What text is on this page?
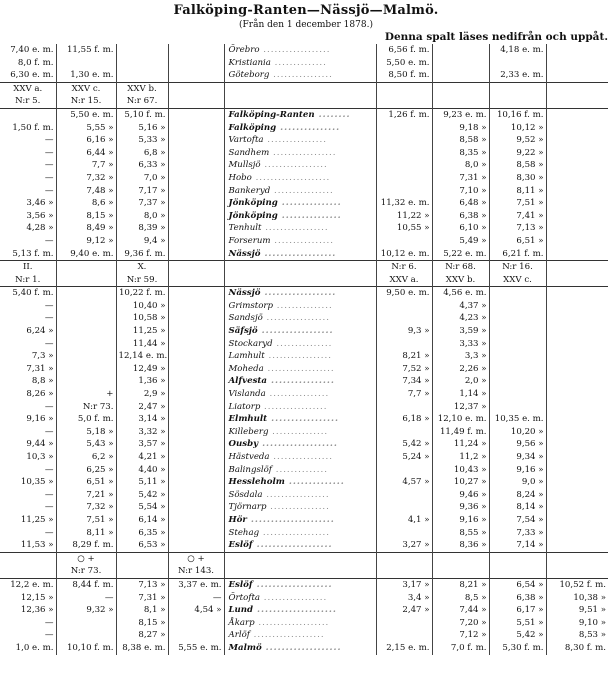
Falköping-Ranten—Nässjö—Malmö.
(Från den 1 december 1878.)
Denna spalt läses nedifrån och uppåt.
7,40 e. m.	11,55 f. m.			Örebro ..................	6,56 f. m.		4,18 e. m.	
8,0 f. m.				Kristiania ..............	5,50 e. m.			
6,30 e. m.	1,30 e. m.			Göteborg ................	8,50 f. m.		2,33 e. m.	
XXV a.	XXV c.	XXV b.						
N:r 5.	N:r 15.	N:r 67.						
	5,50 e. m.	5,10 f. m.		Falköping-Ranten ........	1,26 f. m.	9,23 e. m.	10,16 f. m.	
1,50 f. m.	5,55 »	5,16 »		Falköping ...............		9,18 »	10,12 »	
—	6,16 »	5,33 »		Vartofta ................		8,58 »	9,52 »	
—	6,44 »	6,8 »		Sandhem .................		8,35 »	9,22 »	
—	7,7 »	6,33 »		Mullsjö .................		8,0 »	8,58 »	
—	7,32 »	7,0 »		Hobo ....................		7,31 »	8,30 »	
—	7,48 »	7,17 »		Bankeryd ................		7,10 »	8,11 »	
3,46 »	8,6 »	7,37 »		Jönköping ...............	11,32 e. m.	6,48 »	7,51 »	
3,56 »	8,15 »	8,0 »		Jönköping ...............	11,22 »	6,38 »	7,41 »	
4,28 »	8,49 »	8,39 »		Tenhult .................	10,55 »	6,10 »	7,13 »	
—	9,12 »	9,4 »		Forserum ................		5,49 »	6,51 »	
5,13 f. m.	9,40 e. m.	9,36 f. m.		Nässjö ..................	10,12 e. m.	5,22 e. m.	6,21 f. m.	
II.		X.			N:r 6.	N:r 68.	N:r 16.	
N:r 1.		N:r 59.			XXV a.	XXV b.	XXV c.	
5,40 f. m.		10,22 f. m.		Nässjö ..................	9,50 e. m.	4,56 e. m.		
—		10,40 »		Grimstorp ...............		4,37 »		
—		10,58 »		Sandsjö .................		4,23 »		
6,24 »		11,25 »		Säfsjö ..................	9,3 »	3,59 »		
—		11,44 »		Stockaryd ...............		3,33 »		
7,3 »		12,14 e. m.		Lamhult .................	8,21 »	3,3 »		
7,31 »		12,49 »		Moheda ..................	7,52 »	2,26 »		
8,8 »		1,36 »		Alfvesta ................	7,34 »	2,0 »		
8,26 »	+	2,9 »		Vislanda ................	7,7 »	1,14 »		
—	N:r 73.	2,47 »		Liatorp .................		12,37 »		
9,16 »	5,0 f. m.	3,14 »		Elmhult .................	6,18 »	12,10 e. m.	10,35 e. m.	
—	5,18 »	3,32 »		Killeberg ...............		11,49 f. m.	10,20 »	
9,44 »	5,43 »	3,57 »		Ousby ...................	5,42 »	11,24 »	9,56 »	
10,3 »	6,2 »	4,21 »		Hästveda ................	5,24 »	11,2 »	9,34 »	
—	6,25 »	4,40 »		Balingslöf ..............		10,43 »	9,16 »	
10,35 »	6,51 »	5,11 »		Hessleholm ..............	4,57 »	10,27 »	9,0 »	
—	7,21 »	5,42 »		Sösdala .................		9,46 »	8,24 »	
—	7,32 »	5,54 »		Tjörnarp ................		9,36 »	8,14 »	
11,25 »	7,51 »	6,14 »		Hör .....................	4,1 »	9,16 »	7,54 »	
—	8,11 »	6,35 »		Stehag ..................		8,55 »	7,33 »	
11,53 »	8,29 f. m.	6,53 »		Eslöf ...................	3,27 »	8,36 »	7,14 »	
	○ +		○ +					
	N:r 73.		N:r 143.					
12,2 e. m.	8,44 f. m.	7,13 »	3,37 e. m.	Eslöf ...................	3,17 »	8,21 »	6,54 »	10,52 f. m.
12,15 »	—	7,31 »	—	Örtofta .................	3,4 »	8,5 »	6,38 »	10,38 »
12,36 »	9,32 »	8,1 »	4,54 »	Lund ....................	2,47 »	7,44 »	6,17 »	9,51 »
—		8,15 »		Åkarp ...................		7,20 »	5,51 »	9,10 »
—		8,27 »		Arlöf ...................		7,12 »	5,42 »	8,53 »
1,0 e. m.	10,10 f. m.	8,38 e. m.	5,55 e. m.	Malmö ...................	2,15 e. m.	7,0 f. m.	5,30 f. m.	8,30 f. m.
